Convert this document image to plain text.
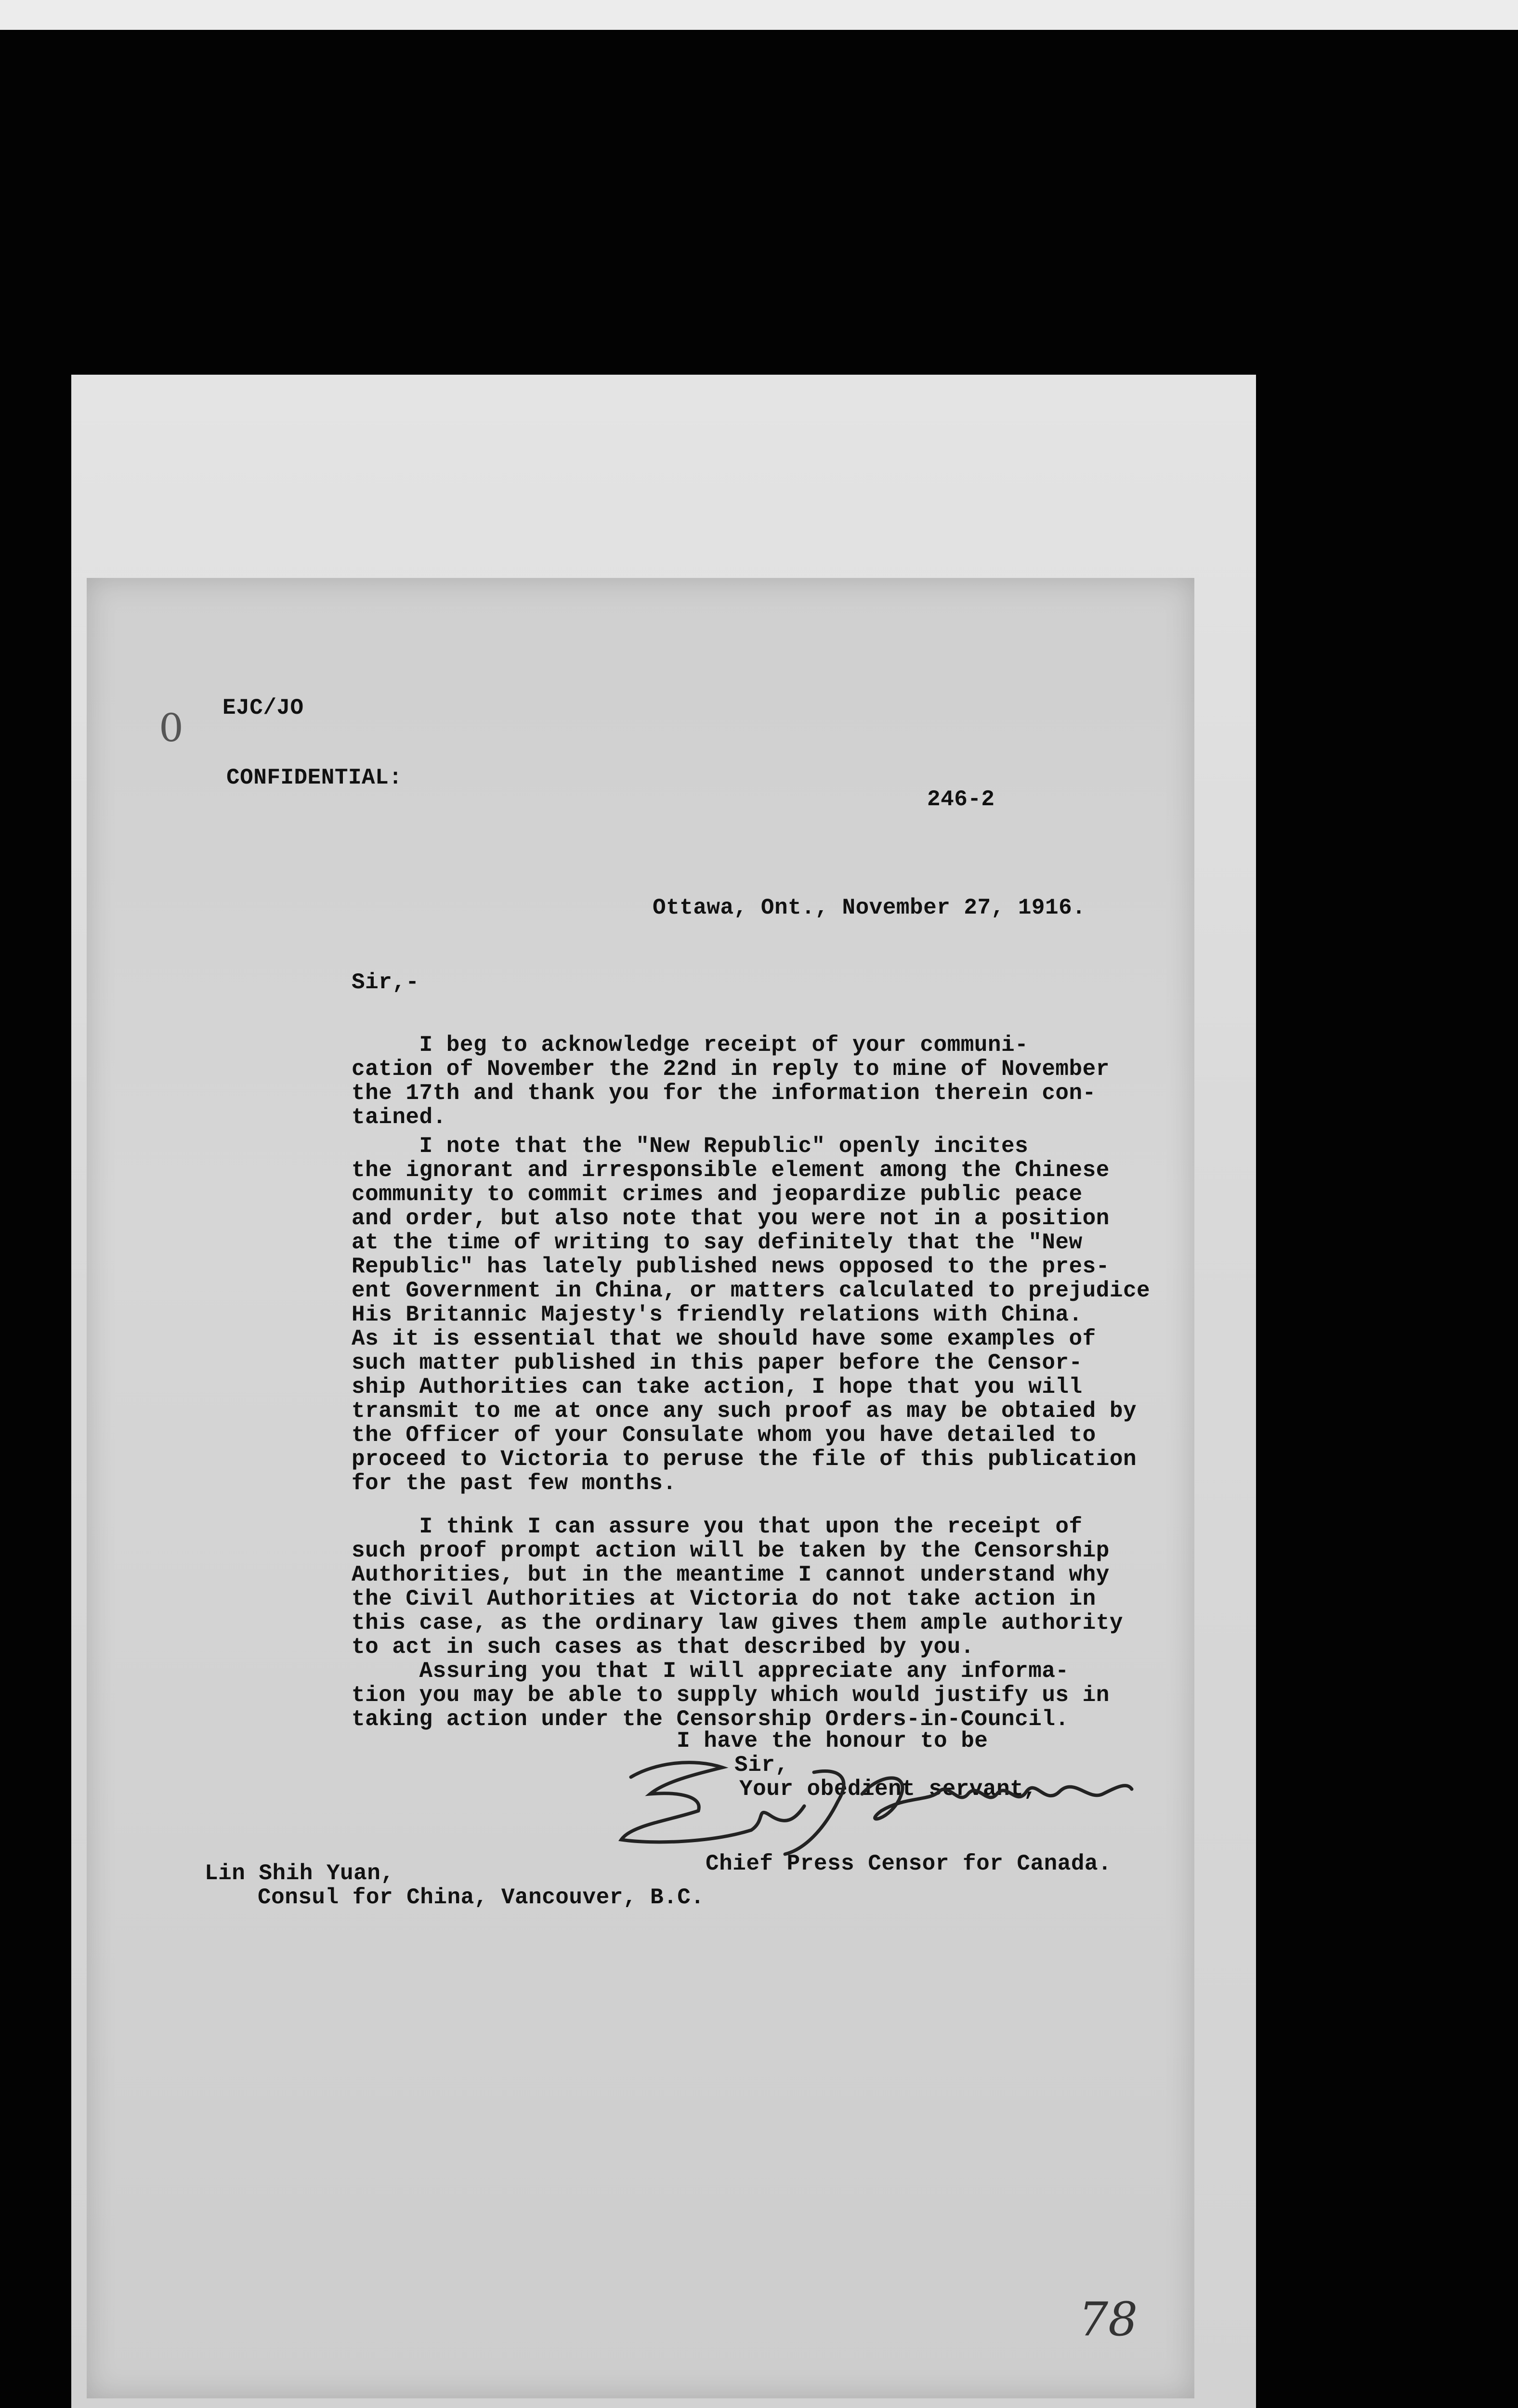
0 EJC/JO
CONFIDENTIAL:
246-2
Ottawa, Ont., November 27, 1916.
Sir,-
I beg to acknowledge receipt of your communi-
cation of November the 22nd in reply to mine of November
the 17th and thank you for the information therein con-
tained.
I note that the "New Republic" openly incites
the ignorant and irresponsible element among the Chinese
community to commit crimes and jeopardize public peace
and order, but also note that you were not in a position
at the time of writing to say definitely that the "New
Republic" has lately published news opposed to the pres-
ent Government in China, or matters calculated to prejudice
His Britannic Majesty's friendly relations with China.
As it is essential that we should have some examples of
such matter published in this paper before the Censor-
ship Authorities can take action, I hope that you will
transmit to me at once any such proof as may be obtaied by
the Officer of your Consulate whom you have detailed to
proceed to Victoria to peruse the file of this publication
for the past few months.
I think I can assure you that upon the receipt of
such proof prompt action will be taken by the Censorship
Authorities, but in the meantime I cannot understand why
the Civil Authorities at Victoria do not take action in
this case, as the ordinary law gives them ample authority
to act in such cases as that described by you.
Assuring you that I will appreciate any informa-
tion you may be able to supply which would justify us in
taking action under the Censorship Orders-in-Council.
I have the honour to be
Sir,
Your obedient servant,
Chief Press Censor for Canada.
Lin Shih Yuan,
Consul for China, Vancouver, B.C.
78
